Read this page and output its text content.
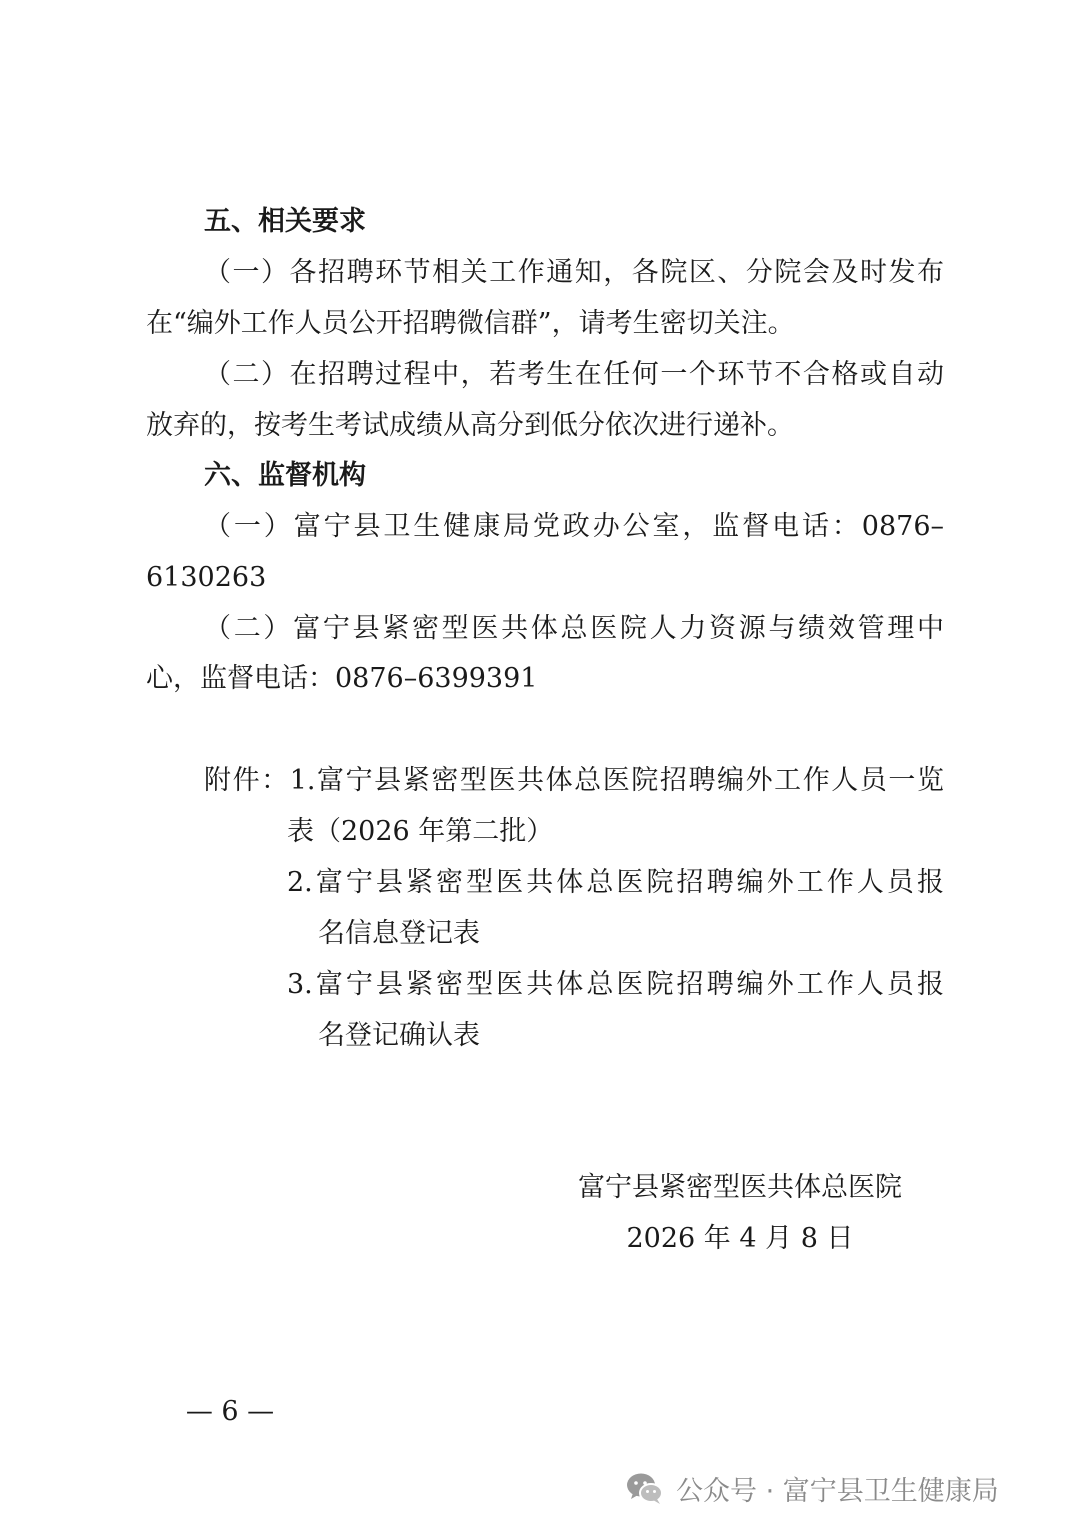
五、相关要求
（一）各招聘环节相关工作通知，各院区、分院会及时发布
在“编外工作人员公开招聘微信群”，请考生密切关注。
（二）在招聘过程中，若考生在任何一个环节不合格或自动
放弃的，按考生考试成绩从高分到低分依次进行递补。
六、监督机构
（一）富宁县卫生健康局党政办公室，监督电话：0876–
6130263
（二）富宁县紧密型医共体总医院人力资源与绩效管理中
心，监督电话：0876–6399391
附件：1.富宁县紧密型医共体总医院招聘编外工作人员一览
表（2026 年第二批）
2.富宁县紧密型医共体总医院招聘编外工作人员报
名信息登记表
3.富宁县紧密型医共体总医院招聘编外工作人员报
名登记确认表
富宁县紧密型医共体总医院
2026 年 4 月 8 日
— 6 —
公众号 · 富宁县卫生健康局
